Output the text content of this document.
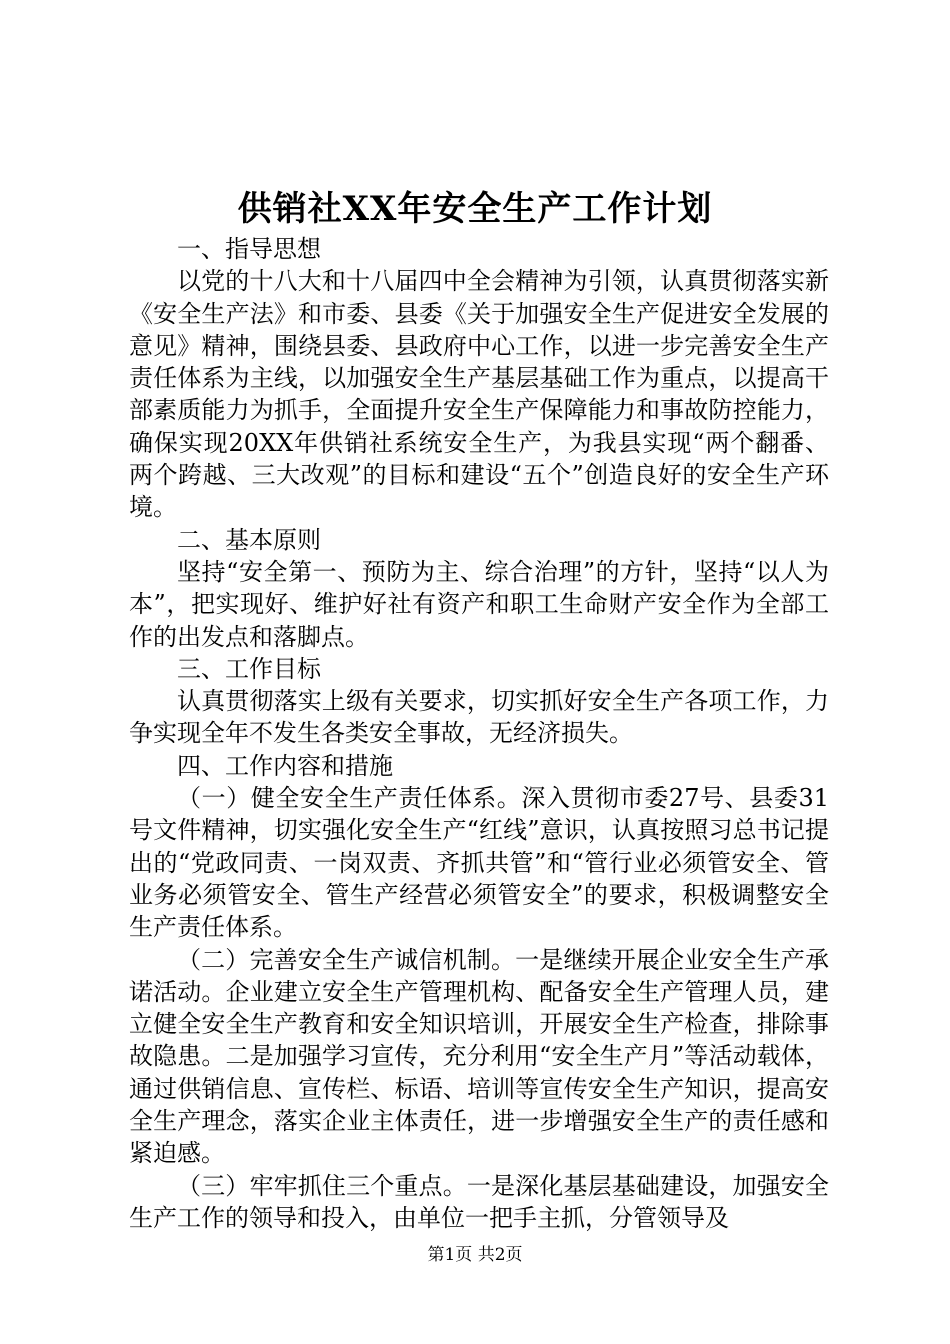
供销社XX年安全生产工作计划

一、指导思想

以党的十八大和十八届四中全会精神为引领，认真贯彻落实新《安全生产法》和市委、县委《关于加强安全生产促进安全发展的意见》精神，围绕县委、县政府中心工作，以进一步完善安全生产责任体系为主线，以加强安全生产基层基础工作为重点，以提高干部素质能力为抓手，全面提升安全生产保障能力和事故防控能力，确保实现20XX年供销社系统安全生产，为我县实现“两个翻番、两个跨越、三大改观”的目标和建设“五个”创造良好的安全生产环境。

二、基本原则

坚持“安全第一、预防为主、综合治理”的方针，坚持“以人为本”，把实现好、维护好社有资产和职工生命财产安全作为全部工作的出发点和落脚点。

三、工作目标

认真贯彻落实上级有关要求，切实抓好安全生产各项工作，力争实现全年不发生各类安全事故，无经济损失。

四、工作内容和措施

（一）健全安全生产责任体系。深入贯彻市委27号、县委31号文件精神，切实强化安全生产“红线”意识，认真按照习总书记提出的“党政同责、一岗双责、齐抓共管”和“管行业必须管安全、管业务必须管安全、管生产经营必须管安全”的要求，积极调整安全生产责任体系。

（二）完善安全生产诚信机制。一是继续开展企业安全生产承诺活动。企业建立安全生产管理机构、配备安全生产管理人员，建立健全安全生产教育和安全知识培训，开展安全生产检查，排除事故隐患。二是加强学习宣传，充分利用“安全生产月”等活动载体，通过供销信息、宣传栏、标语、培训等宣传安全生产知识，提高安全生产理念，落实企业主体责任，进一步增强安全生产的责任感和紧迫感。

（三）牢牢抓住三个重点。一是深化基层基础建设，加强安全生产工作的领导和投入，由单位一把手主抓，分管领导及

第1页 共2页
